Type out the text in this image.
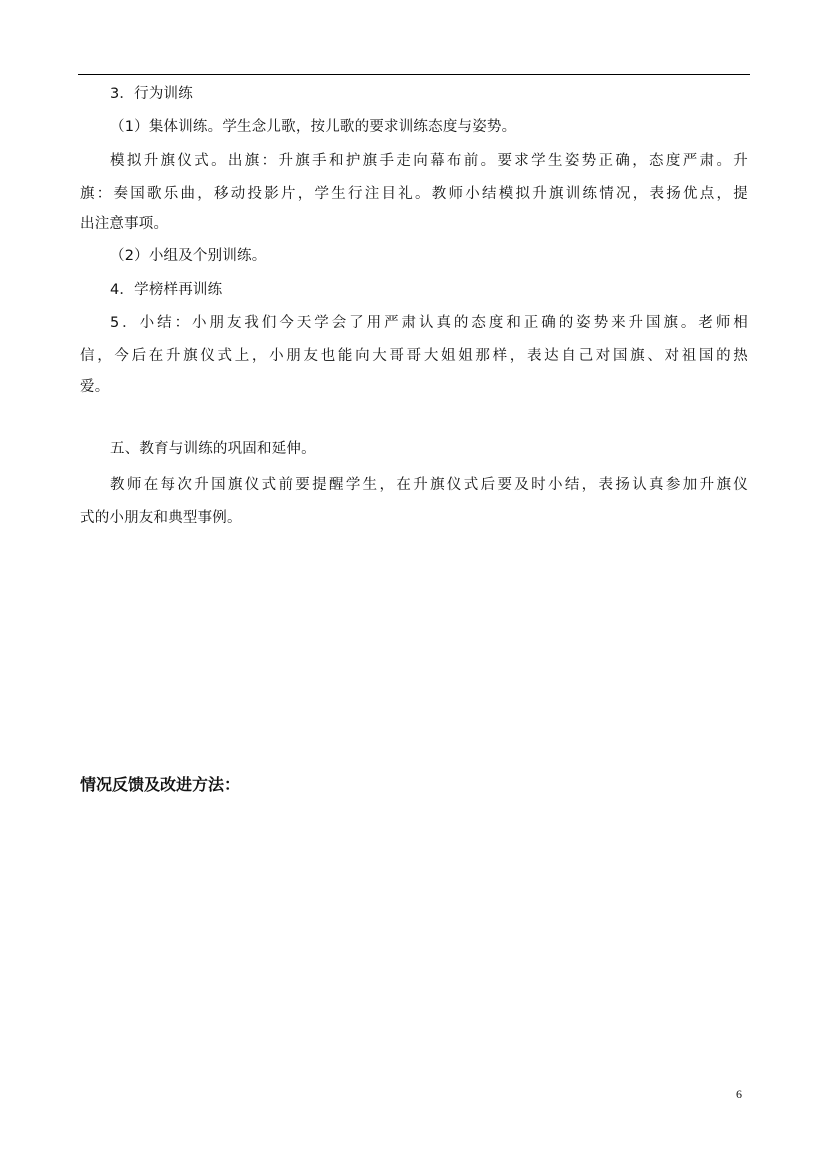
3．行为训练
（1）集体训练。学生念儿歌，按儿歌的要求训练态度与姿势。
模拟升旗仪式。出旗：升旗手和护旗手走向幕布前。要求学生姿势正确，态度严肃。升
旗：奏国歌乐曲，移动投影片，学生行注目礼。教师小结模拟升旗训练情况，表扬优点，提
出注意事项。
（2）小组及个别训练。
4．学榜样再训练
5．小结：小朋友我们今天学会了用严肃认真的态度和正确的姿势来升国旗。老师相
信，今后在升旗仪式上，小朋友也能向大哥哥大姐姐那样，表达自己对国旗、对祖国的热
爱。
五、教育与训练的巩固和延伸。
教师在每次升国旗仪式前要提醒学生，在升旗仪式后要及时小结，表扬认真参加升旗仪
式的小朋友和典型事例。
情况反馈及改进方法：
6
